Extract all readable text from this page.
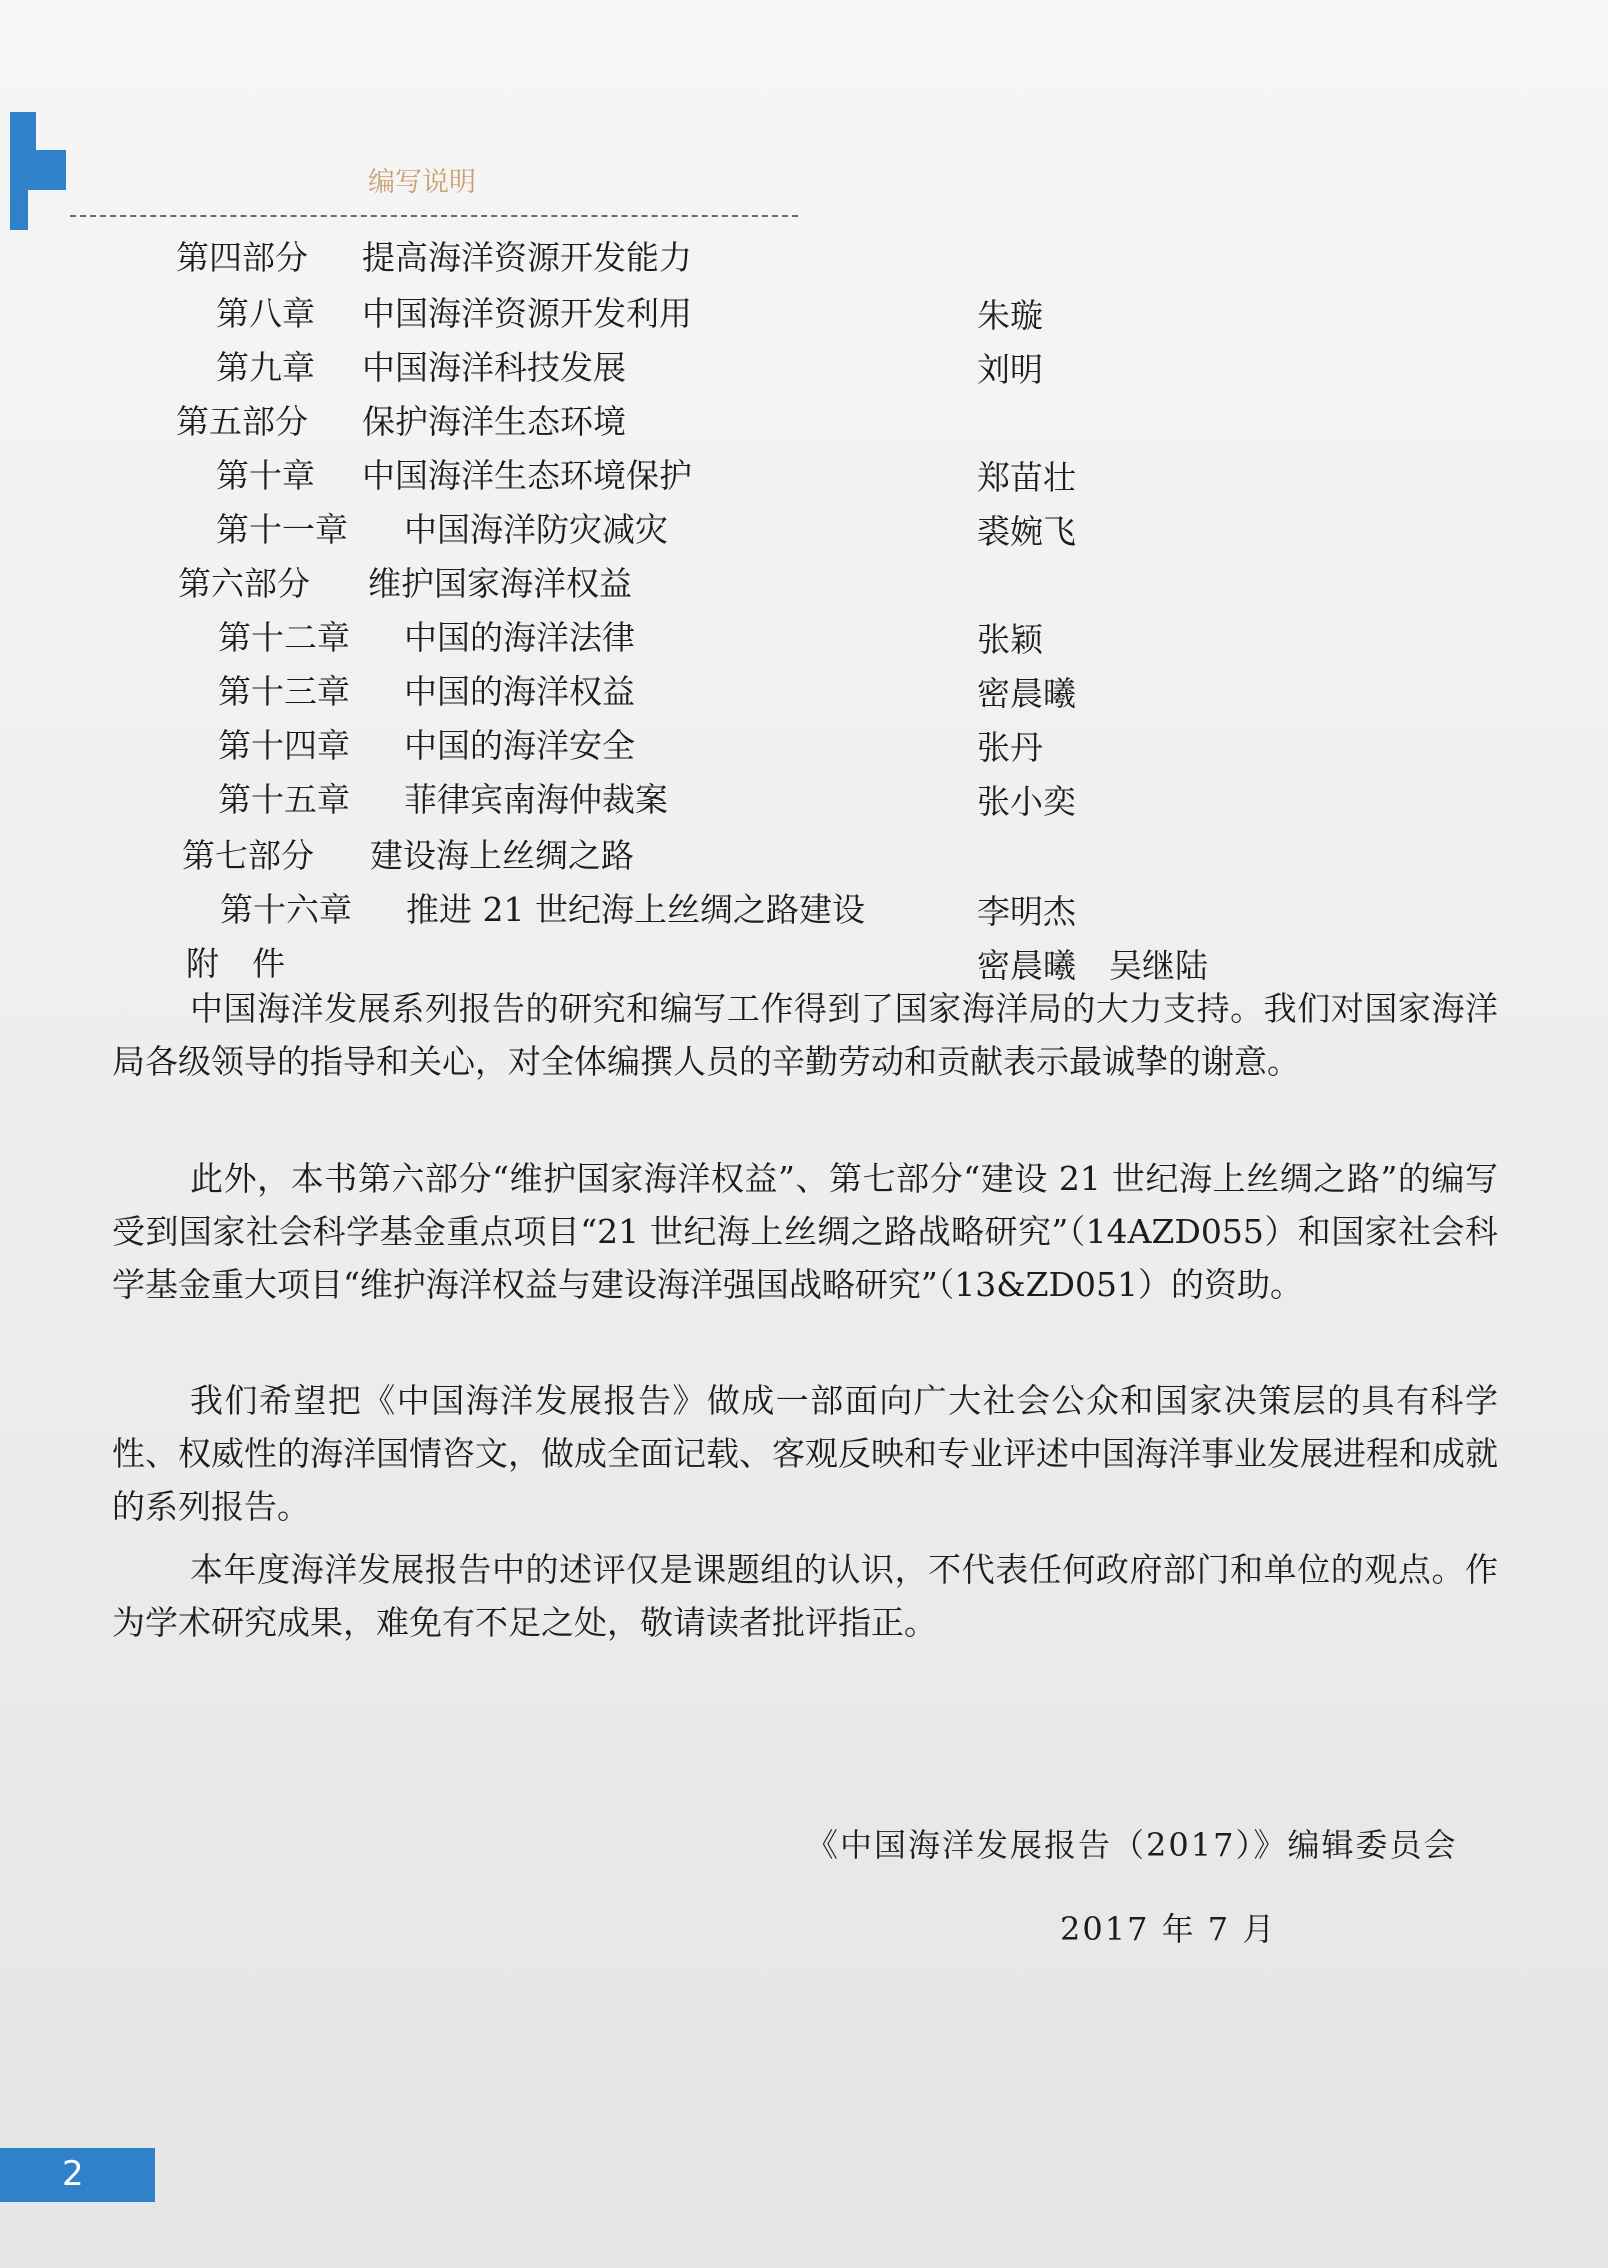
编写说明
第四部分 提高海洋资源开发能力
第八章 中国海洋资源开发利用	朱璇
第九章 中国海洋科技发展	刘明
第五部分 保护海洋生态环境
第十章 中国海洋生态环境保护	郑苗壮
第十一章 中国海洋防灾减灾	裘婉飞
第六部分 维护国家海洋权益
第十二章 中国的海洋法律	张颖
第十三章 中国的海洋权益	密晨曦
第十四章 中国的海洋安全	张丹
第十五章 菲律宾南海仲裁案	张小奕
第七部分 建设海上丝绸之路
第十六章 推进 21 世纪海上丝绸之路建设	李明杰
附　件	密晨曦　吴继陆

中国海洋发展系列报告的研究和编写工作得到了国家海洋局的大力支持。我们对国家海洋局各级领导的指导和关心，对全体编撰人员的辛勤劳动和贡献表示最诚挚的谢意。

此外，本书第六部分“维护国家海洋权益”、第七部分“建设 21 世纪海上丝绸之路”的编写受到国家社会科学基金重点项目“21 世纪海上丝绸之路战略研究”（14AZD055）和国家社会科学基金重大项目“维护海洋权益与建设海洋强国战略研究”（13&ZD051）的资助。

我们希望把《中国海洋发展报告》做成一部面向广大社会公众和国家决策层的具有科学性、权威性的海洋国情咨文，做成全面记载、客观反映和专业评述中国海洋事业发展进程和成就的系列报告。

本年度海洋发展报告中的述评仅是课题组的认识，不代表任何政府部门和单位的观点。作为学术研究成果，难免有不足之处，敬请读者批评指正。

《中国海洋发展报告（2017）》编辑委员会
2017 年 7 月
2
